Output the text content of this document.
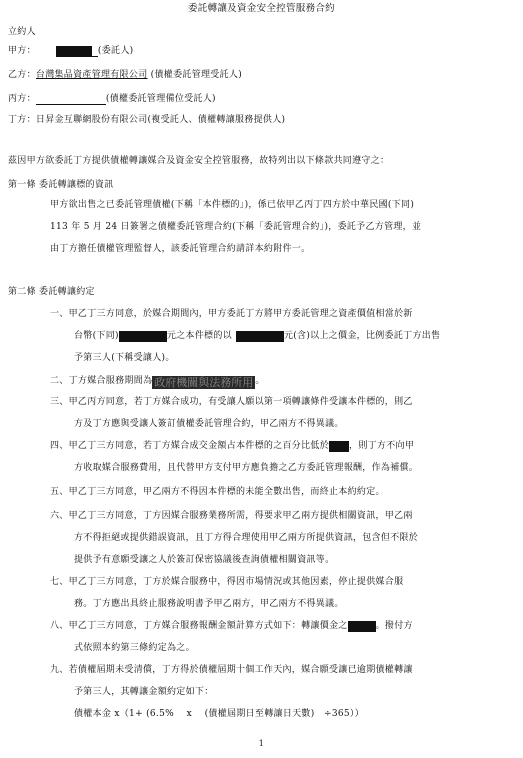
委託轉讓及資金安全控管服務合約
立約人
甲方：	(委託人)
乙方：台灣集品資產管理有限公司 (債權委託管理受託人)
丙方：	(債權委託管理備位受託人)
丁方：日昇金互聯網股份有限公司(複受託人、債權轉讓服務提供人)
茲因甲方欲委託丁方提供債權轉讓媒合及資金安全控管服務，故特列出以下條款共同遵守之：
第一條 委託轉讓標的資訊
甲方欲出售之已委託管理債權(下稱「本件標的」)，係已依甲乙丙丁四方於中華民國(下同)
113 年 5 月 24 日簽署之債權委託管理合約(下稱「委託管理合約」)，委託予乙方管理，並
由丁方擔任債權管理監督人，該委託管理合約請詳本約附件一。
第二條 委託轉讓約定
一、甲乙丁三方同意，於媒合期間內，甲方委託丁方將甲方委託管理之資產價值相當於新
台幣(下同)	元之本件標的以	元(含)以上之價金，比例委託丁方出售
予第三人(下稱受讓人)。
二、丁方媒合服務期間為 政府機關與法務所用 。
三、甲乙丙方同意，若丁方媒合成功，有受讓人願以第一項轉讓條件受讓本件標的，則乙
方及丁方應與受讓人簽訂債權委託管理合約，甲乙兩方不得異議。
四、甲乙丁三方同意，若丁方媒合成交金額占本件標的之百分比低於 ，則丁方不向甲
方收取媒合服務費用，且代替甲方支付甲方應負擔之乙方委託管理報酬，作為補償。
五、甲乙丁三方同意，甲乙兩方不得因本件標的未能全數出售，而終止本約約定。
六、甲乙丁三方同意，丁方因媒合服務業務所需，得要求甲乙兩方提供相關資訊，甲乙兩
方不得拒絕或提供錯誤資訊，且丁方得合理使用甲乙兩方所提供資訊，包含但不限於
提供予有意願受讓之人於簽訂保密協議後查詢債權相關資訊等。
七、甲乙丁三方同意，丁方於媒合服務中，得因市場情況或其他因素，停止提供媒合服
務。丁方應出具終止服務說明書予甲乙兩方，甲乙兩方不得異議。
八、甲乙丁三方同意，丁方媒合服務報酬金額計算方式如下：轉讓價金之	。撥付方
式依照本約第三條約定為之。
九、若債權屆期未受清償，丁方得於債權屆期十個工作天內，媒合願受讓已逾期債權轉讓
予第三人，其轉讓金額約定如下：
債權本金 x（1+ (6.5%    x    (債權屆期日至轉讓日天數)   ÷365））
1
